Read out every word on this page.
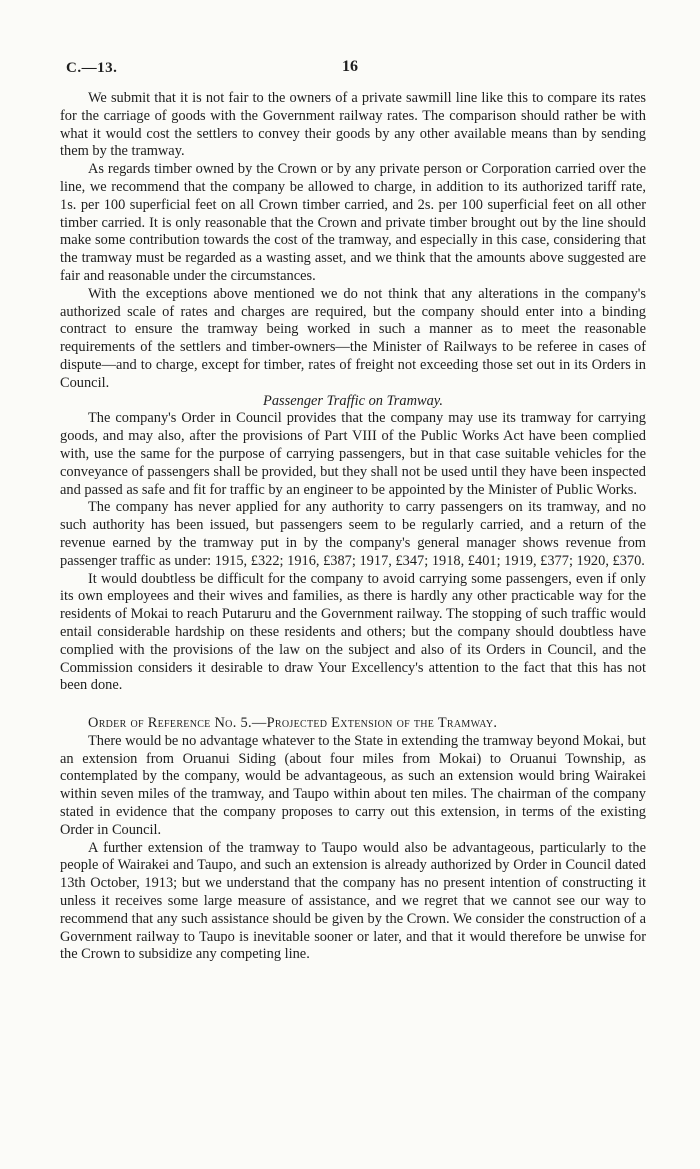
C.—13.	16

We submit that it is not fair to the owners of a private sawmill line like this to compare its rates for the carriage of goods with the Government railway rates. The comparison should rather be with what it would cost the settlers to convey their goods by any other available means than by sending them by the tramway.

As regards timber owned by the Crown or by any private person or Corporation carried over the line, we recommend that the company be allowed to charge, in addition to its authorized tariff rate, 1s. per 100 superficial feet on all Crown timber carried, and 2s. per 100 superficial feet on all other timber carried. It is only reasonable that the Crown and private timber brought out by the line should make some contribution towards the cost of the tramway, and especially in this case, considering that the tramway must be regarded as a wasting asset, and we think that the amounts above suggested are fair and reasonable under the circumstances.

With the exceptions above mentioned we do not think that any alterations in the company's authorized scale of rates and charges are required, but the company should enter into a binding contract to ensure the tramway being worked in such a manner as to meet the reasonable requirements of the settlers and timber-owners—the Minister of Railways to be referee in cases of dispute—and to charge, except for timber, rates of freight not exceeding those set out in its Orders in Council.

Passenger Traffic on Tramway.

The company's Order in Council provides that the company may use its tramway for carrying goods, and may also, after the provisions of Part VIII of the Public Works Act have been complied with, use the same for the purpose of carrying passengers, but in that case suitable vehicles for the conveyance of passengers shall be provided, but they shall not be used until they have been inspected and passed as safe and fit for traffic by an engineer to be appointed by the Minister of Public Works.

The company has never applied for any authority to carry passengers on its tramway, and no such authority has been issued, but passengers seem to be regularly carried, and a return of the revenue earned by the tramway put in by the company's general manager shows revenue from passenger traffic as under: 1915, £322; 1916, £387; 1917, £347; 1918, £401; 1919, £377; 1920, £370.

It would doubtless be difficult for the company to avoid carrying some passengers, even if only its own employees and their wives and families, as there is hardly any other practicable way for the residents of Mokai to reach Putaruru and the Government railway. The stopping of such traffic would entail considerable hardship on these residents and others; but the company should doubtless have complied with the provisions of the law on the subject and also of its Orders in Council, and the Commission considers it desirable to draw Your Excellency's attention to the fact that this has not been done.

Order of Reference No. 5.—Projected Extension of the Tramway.

There would be no advantage whatever to the State in extending the tramway beyond Mokai, but an extension from Oruanui Siding (about four miles from Mokai) to Oruanui Township, as contemplated by the company, would be advantageous, as such an extension would bring Wairakei within seven miles of the tramway, and Taupo within about ten miles. The chairman of the company stated in evidence that the company proposes to carry out this extension, in terms of the existing Order in Council.

A further extension of the tramway to Taupo would also be advantageous, particularly to the people of Wairakei and Taupo, and such an extension is already authorized by Order in Council dated 13th October, 1913; but we understand that the company has no present intention of constructing it unless it receives some large measure of assistance, and we regret that we cannot see our way to recommend that any such assistance should be given by the Crown. We consider the construction of a Government railway to Taupo is inevitable sooner or later, and that it would therefore be unwise for the Crown to subsidize any competing line.
